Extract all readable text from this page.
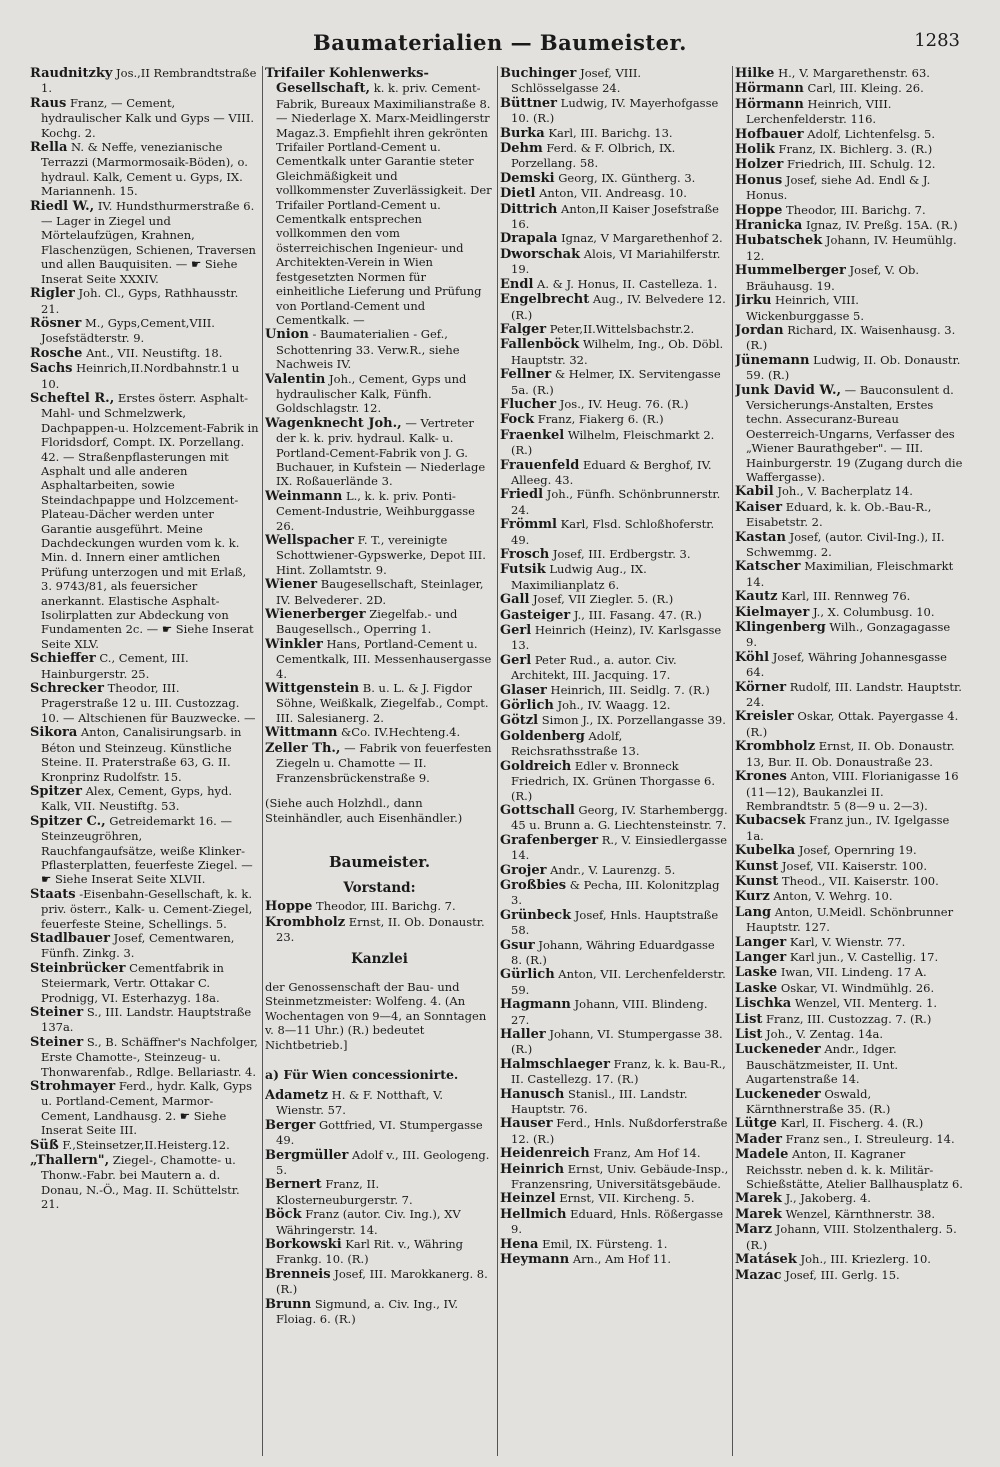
Baumaterialien — Baumeister.	1283

Raudnitzky Jos.,II Rembrandtstraße 1.

Raus Franz, — Cement, hydraulischer Kalk und Gyps — VIII. Kochg. 2.

Rella N. & Neffe, venezianische Terrazzi (Marmormosaik-Böden), o. hydraul. Kalk, Cement u. Gyps, IX. Mariannenh. 15.

Riedl W., IV. Hundsthurmerstraße 6. — Lager in Ziegel und Mörtelaufzügen, Krahnen, Flaschenzügen, Schienen, Traversen und allen Bauquisiten. — ☛ Siehe Inserat Seite XXXIV.

Rigler Joh. Cl., Gyps, Rathhausstr. 21.

Rösner M., Gyps,Cement,VIII. Josefstädterstr. 9.

Rosche Ant., VII. Neustiftg. 18.

Sachs Heinrich,II.Nordbahnstr.1 u 10.

Scheftel R., Erstes österr. Asphalt-Mahl- und Schmelzwerk, Dachpappen-u. Holzcement-Fabrik in Floridsdorf, Compt. IX. Porzellang. 42. — Straßenpflasterungen mit Asphalt und alle anderen Asphaltarbeiten, sowie Steindachpappe und Holzcement-Plateau-Dächer werden unter Garantie ausgeführt. Meine Dachdeckungen wurden vom k. k. Min. d. Innern einer amtlichen Prüfung unterzogen und mit Erlaß, 3. 9743/81, als feuersicher anerkannt. Elastische Asphalt-Isolirplatten zur Abdeckung von Fundamenten 2c. — ☛ Siehe Inserat Seite XLV.

Schieffer C., Cement, III. Hainburgerstr. 25.

Schrecker Theodor, III. Pragerstraße 12 u. III. Custozzag. 10. — Altschienen für Bauzwecke. —

Sikora Anton, Canalisirungsarb. in Béton und Steinzeug. Künstliche Steine. II. Praterstraße 63, G. II. Kronprinz Rudolfstr. 15.

Spitzer Alex, Cement, Gyps, hyd. Kalk, VII. Neustiftg. 53.

Spitzer C., Getreidemarkt 16. — Steinzeugröhren, Rauchfangaufsätze, weiße Klinker-Pflasterplatten, feuerfeste Ziegel. — ☛ Siehe Inserat Seite XLVII.

Staats -Eisenbahn-Gesellschaft, k. k. priv. österr., Kalk- u. Cement-Ziegel, feuerfeste Steine, Schellings. 5.

Stadlbauer Josef, Cementwaren, Fünfh. Zinkg. 3.

Steinbrücker Cementfabrik in Steiermark, Vertr. Ottakar C. Prodnigg, VI. Esterhazyg. 18a.

Steiner S., III. Landstr. Hauptstraße 137a.

Steiner S., B. Schäffner's Nachfolger, Erste Chamotte-, Steinzeug- u. Thonwarenfab., Rdlge. Bellariastr. 4.

Strohmayer Ferd., hydr. Kalk, Gyps u. Portland-Cement, Marmor-Cement, Landhausg. 2. ☛ Siehe Inserat Seite III.

Süß F.,Steinsetzer,II.Heisterg.12.

„Thallern", Ziegel-, Chamotte- u. Thonw.-Fabr. bei Mautern a. d. Donau, N.-Ö., Mag. II. Schüttelstr. 21.

Trifailer Kohlenwerks-Gesellschaft, k. k. priv. Cement-Fabrik, Bureaux Maximilianstraße 8. — Niederlage X. Marx-Meidlingerstr Magaz.3. Empfiehlt ihren gekrönten Trifailer Portland-Cement u. Cementkalk unter Garantie steter Gleichmäßigkeit und vollkommenster Zuverlässigkeit. Der Trifailer Portland-Cement u. Cementkalk entsprechen vollkommen den vom österreichischen Ingenieur- und Architekten-Verein in Wien festgesetzten Normen für einheitliche Lieferung und Prüfung von Portland-Cement und Cementkalk. —

Union - Baumaterialien - Gef., Schottenring 33. Verw.R., siehe Nachweis IV.

Valentin Joh., Cement, Gyps und hydraulischer Kalk, Fünfh. Goldschlagstr. 12.

Wagenknecht Joh., — Vertreter der k. k. priv. hydraul. Kalk- u. Portland-Cement-Fabrik von J. G. Buchauer, in Kufstein — Niederlage IX. Roßauerlände 3.

Weinmann L., k. k. priv. Ponti-Cement-Industrie, Weihburggasse 26.

Wellspacher F. T., vereinigte Schottwiener-Gypswerke, Depot III. Hint. Zollamtstr. 9.

Wiener Baugesellschaft, Steinlager, IV. Belvederег. 2D.

Wienerberger Ziegelfab.- und Baugesellsch., Operring 1.

Winkler Hans, Portland-Cement u. Cementkalk, III. Messenhausergasse 4.

Wittgenstein B. u. L. & J. Figdor Söhne, Weißkalk, Ziegelfab., Compt. III. Salesianerg. 2.

Wittmann &Co. IV.Hechteng.4.

Zeller Th., — Fabrik von feuerfesten Ziegeln u. Chamotte — II. Franzensbrückenstraße 9.

(Siehe auch Holzhdl., dann Steinhändler, auch Eisenhändler.)

Baumeister.
Vorstand:

Hoppe Theodor, III. Barichg. 7.

Krombholz Ernst, II. Ob. Donaustr. 23.

Kanzlei

der Genossenschaft der Bau- und Steinmetzmeister: Wolfeng. 4. (An Wochentagen von 9—4, an Sonntagen v. 8—11 Uhr.) (R.) bedeutet Nichtbetrieb.]

a) Für Wien concessionirte.

Adametz H. & F. Notthaft, V. Wienstr. 57.

Berger Gottfried, VI. Stumpergasse 49.

Bergmüller Adolf v., III. Geologeng. 5.

Bernert Franz, II. Klosterneuburgerstr. 7.

Böck Franz (autor. Civ. Ing.), XV Währingerstr. 14.

Borkowski Karl Rit. v., Währing Frankg. 10. (R.)

Brenneis Josef, III. Marokkanerg. 8. (R.)

Brunn Sigmund, a. Civ. Ing., IV. Floiag. 6. (R.)

Buchinger Josef, VIII. Schlösselgasse 24.

Büttner Ludwig, IV. Mayerhofgasse 10. (R.)

Burka Karl, III. Barichg. 13.

Dehm Ferd. & F. Olbrich, IX. Porzellang. 58.

Demski Georg, IX. Güntherg. 3.

Dietl Anton, VII. Andreasg. 10.

Dittrich Anton,II Kaiser Josefstraße 16.

Drapala Ignaz, V Margarethenhof 2.

Dworschak Alois, VI Mariahilferstr. 19.

Endl A. & J. Honus, II. Castelleza. 1.

Engelbrecht Aug., IV. Belvedere 12. (R.)

Falger Peter,II.Wittelsbachstr.2.

Fallenböck Wilhelm, Ing., Ob. Döbl. Hauptstr. 32.

Fellner & Helmer, IX. Servitengasse 5a. (R.)

Flucher Jos., IV. Heug. 76. (R.)

Fock Franz, Fiakerg 6. (R.)

Fraenkel Wilhelm, Fleischmarkt 2. (R.)

Frauenfeld Eduard & Berghof, IV. Alleeg. 43.

Friedl Joh., Fünfh. Schönbrunnerstr. 24.

Frömml Karl, Flsd. Schloßhoferstr. 49.

Frosch Josef, III. Erdbergstr. 3.

Futsik Ludwig Aug., IX. Maximilianplatz 6.

Gall Josef, VII Ziegler. 5. (R.)

Gasteiger J., III. Fasang. 47. (R.)

Gerl Heinrich (Heinz), IV. Karlsgasse 13.

Gerl Peter Rud., a. autor. Civ. Architekt, III. Jacquing. 17.

Glaser Heinrich, III. Seidlg. 7. (R.)

Görlich Joh., IV. Waagg. 12.

Götzl Simon J., IX. Porzellangasse 39.

Goldenberg Adolf, Reichsrathsstraße 13.

Goldreich Edler v. Bronneck Friedrich, IX. Grünen Thorgasse 6. (R.)

Gottschall Georg, IV. Starhembergg. 45 u. Brunn a. G. Liechtensteinstr. 7.

Grafenberger R., V. Einsiedlergasse 14.

Grojer Andr., V. Laurenzg. 5.

Großbies & Pecha, III. Kolonitzplag 3.

Grünbeck Josef, Hnls. Hauptstraße 58.

Gsur Johann, Währing Eduardgasse 8. (R.)

Gürlich Anton, VII. Lerchenfelderstr. 59.

Hagmann Johann, VIII. Blindeng. 27.

Haller Johann, VI. Stumpergasse 38. (R.)

Halmschlaeger Franz, k. k. Bau-R., II. Castellezg. 17. (R.)

Hanusch Stanisl., III. Landstr. Hauptstr. 76.

Hauser Ferd., Hnls. Nußdorferstraße 12. (R.)

Heidenreich Franz, Am Hof 14.

Heinrich Ernst, Univ. Gebäude-Insp., Franzensring, Universitätsgebäude.

Heinzel Ernst, VII. Kircheng. 5.

Hellmich Eduard, Hnls. Rößergasse 9.

Hena Emil, IX. Fürsteng. 1.

Heymann Arn., Am Hof 11.

Hilke H., V. Margarethenstr. 63.

Hörmann Carl, III. Kleing. 26.

Hörmann Heinrich, VIII. Lerchenfelderstr. 116.

Hofbauer Adolf, Lichtenfelsg. 5.

Holik Franz, IX. Bichlerg. 3. (R.)

Holzer Friedrich, III. Schulg. 12.

Honus Josef, siehe Ad. Endl & J. Honus.

Hoppe Theodor, III. Barichg. 7.

Hranicka Ignaz, IV. Preßg. 15A. (R.)

Hubatschek Johann, IV. Heumühlg. 12.

Hummelberger Josef, V. Ob. Bräuhausg. 19.

Jirku Heinrich, VIII. Wickenburggasse 5.

Jordan Richard, IX. Waisenhausg. 3. (R.)

Jünemann Ludwig, II. Ob. Donaustr. 59. (R.)

Junk David W., — Bauconsulent d. Versicherungs-Anstalten, Erstes techn. Assecuranz-Bureau Oesterreich-Ungarns, Verfasser des „Wiener Baurathgeber". — III. Hainburgerstr. 19 (Zugang durch die Waffergasse).

Kabil Joh., V. Bacherplatz 14.

Kaiser Eduard, k. k. Ob.-Bau-R., Eisabetstr. 2.

Kastan Josef, (autor. Civil-Ing.), II. Schwemmg. 2.

Katscher Maximilian, Fleischmarkt 14.

Kautz Karl, III. Rennweg 76.

Kielmayer J., X. Columbusg. 10.

Klingenberg Wilh., Gonzagagasse 9.

Köhl Josef, Währing Johannesgasse 64.

Körner Rudolf, III. Landstr. Hauptstr. 24.

Kreisler Oskar, Ottak. Payergasse 4. (R.)

Krombholz Ernst, II. Ob. Donaustr. 13, Bur. II. Ob. Donaustraße 23.

Krones Anton, VIII. Florianigasse 16 (11—12), Baukanzlei II. Rembrandtstr. 5 (8—9 u. 2—3).

Kubacsek Franz jun., IV. Igelgasse 1a.

Kubelka Josef, Opernring 19.

Kunst Josef, VII. Kaiserstr. 100.

Kunst Theod., VII. Kaiserstr. 100.

Kurz Anton, V. Wehrg. 10.

Lang Anton, U.Meidl. Schönbrunner Hauptstr. 127.

Langer Karl, V. Wienstr. 77.

Langer Karl jun., V. Castellig. 17.

Laske Iwan, VII. Lindeng. 17 A.

Laske Oskar, VI. Windmühlg. 26.

Lischka Wenzel, VII. Menterg. 1.

List Franz, III. Custozzag. 7. (R.)

List Joh., V. Zentag. 14a.

Luckeneder Andr., Idger. Bauschätzmeister, II. Unt. Augartenstraße 14.

Luckeneder Oswald, Kärnthnerstraße 35. (R.)

Lütge Karl, II. Fischerg. 4. (R.)

Mader Franz sen., I. Streuleurg. 14.

Madele Anton, II. Kagraner Reichsstr. neben d. k. k. Militär-Schießstätte, Atelier Ballhausplatz 6.

Marek J., Jakoberg. 4.

Marek Wenzel, Kärnthnerstr. 38.

Marz Johann, VIII. Stolzenthalerg. 5. (R.)

Matásek Joh., III. Kriezlerg. 10.

Mazac Josef, III. Gerlg. 15.
